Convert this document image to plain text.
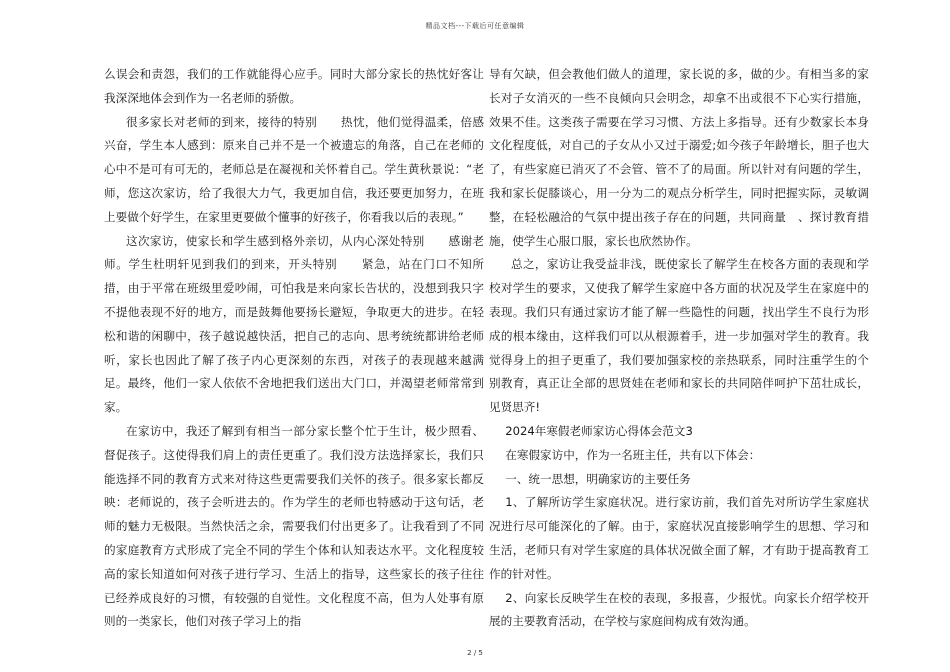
精品文档---下载后可任意编辑

么误会和责怨，我们的工作就能得心应手。同时大部分家长的热忱好客让我深深地体会到作为一名老师的骄傲。

很多家长对老师的到来，接待的特别　　热忱，他们觉得温柔，倍感兴奋，学生本人感到：原来自己并不是一个被遗忘的角落，自己在老师的心中不是可有可无的，老师总是在凝视和关怀着自己。学生黄秋景说：“老师，您这次家访，给了我很大力气，我更加自信，我还要更加努力，在班上要做个好学生，在家里更要做个懂事的好孩子，你看我以后的表现。”

这次家访，使家长和学生感到格外亲切，从内心深处特别　　感谢老师。学生杜明轩见到我们的到来，开头特别　　紧急，站在门口不知所措，由于平常在班级里爱吵闹，可怕我是来向家长告状的，没想到我只字不提他表现不好的地方，而是鼓舞他要扬长避短，争取更大的进步。在轻松和谐的闲聊中，孩子越说越快活，把自己的志向、思考统统都讲给老师听，家长也因此了解了孩子内心更深刻的东西，对孩子的表现越来越满足。最终，他们一家人依依不舍地把我们送出大门口，并渴望老师常常到家。

在家访中，我还了解到有相当一部分家长整个忙于生计，极少照看、督促孩子。这使得我们肩上的责任更重了。我们没方法选择家长，我们只能选择不同的教育方式来对待这些更需要我们关怀的孩子。很多家长都反映：老师说的，孩子会听进去的。作为学生的老师也特感动于这句话，老师的魅力无极限。当然快活之余，需要我们付出更多了。让我看到了不同的家庭教育方式形成了完全不同的学生个体和认知表达水平。文化程度较高的家长知道如何对孩子进行学习、生活上的指导，这些家长的孩子往往已经养成良好的习惯，有较强的自觉性。文化程度不高，但为人处事有原则的一类家长，他们对孩子学习上的指

导有欠缺，但会教他们做人的道理，家长说的多，做的少。有相当多的家长对子女消灭的一些不良倾向只会明念，却拿不出或很不下心实行措施，效果不佳。这类孩子需要在学习习惯、方法上多指导。还有少数家长本身文化程度低，对自己的子女从小又过于溺爱;如今孩子年龄增长，胆子也大了，有些家庭已消灭了不会管、管不了的局面。所以针对有问题的学生，我和家长促膝谈心，用一分为二的观点分析学生，同时把握实际，灵敏调整，在轻松融洽的气氛中提出孩子存在的问题，共同商量　、探讨教育措施，使学生心服口服，家长也欣然协作。

总之，家访让我受益非浅，既使家长了解学生在校各方面的表现和学校对学生的要求，又使我了解学生家庭中各方面的状况及学生在家庭中的表现。我们只有通过家访才能了解一些隐性的问题，找出学生不良行为形成的根本缘由，这样我们可以从根源着手，进一步加强对学生的教育。我觉得身上的担子更重了，我们要加强家校的亲热联系，同时注重学生的个别教育，真正让全部的思贤娃在老师和家长的共同陪伴呵护下茁壮成长，见贤思齐!

2024年寒假老师家访心得体会范文3

在寒假家访中，作为一名班主任，共有以下体会：

一、统一思想，明确家访的主要任务

1、了解所访学生家庭状况。进行家访前，我们首先对所访学生家庭状况进行尽可能深化的了解。由于，家庭状况直接影响学生的思想、学习和生活，老师只有对学生家庭的具体状况做全面了解，才有助于提高教育工作的针对性。

2、向家长反映学生在校的表现，多报喜，少报忧。向家长介绍学校开展的主要教育活动，在学校与家庭间构成有效沟通。

2 / 5
